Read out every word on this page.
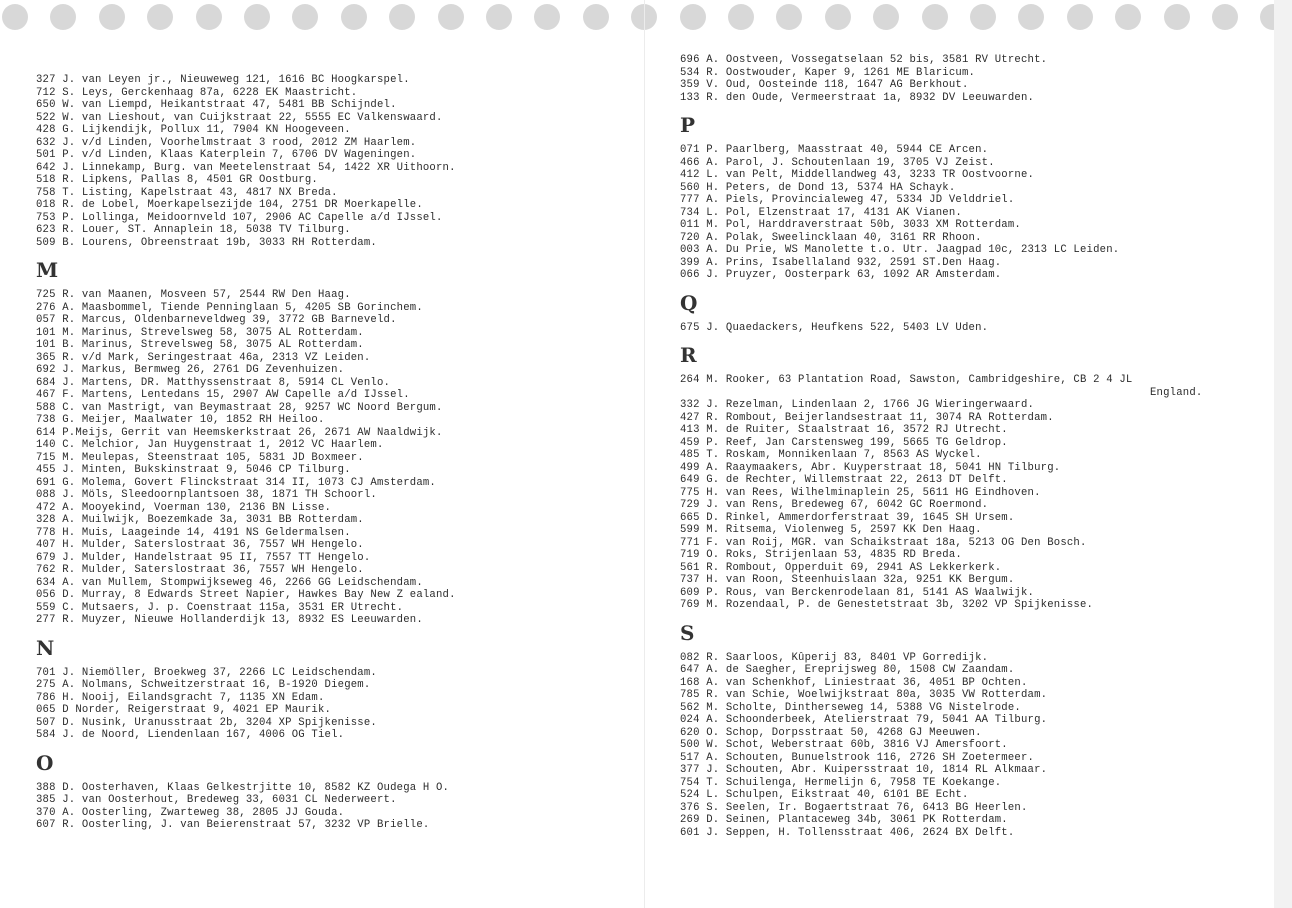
327 J. van Leyen jr., Nieuweweg 121, 1616 BC Hoogkarspel.
712 S. Leys, Gerckenhaag 87a, 6228 EK Maastricht.
650 W. van Liempd, Heikantstraat 47, 5481 BB Schijndel.
522 W. van Lieshout, van Cuijkstraat 22, 5555 EC Valkenswaard.
428 G. Lijkendijk, Pollux 11, 7904 KN Hoogeveen.
632 J. v/d Linden, Voorhelmstraat 3 rood, 2012 ZM Haarlem.
501 P. v/d Linden, Klaas Katerplein 7, 6706 DV Wageningen.
642 J. Linnekamp, Burg. van Meetelenstraat 54, 1422 XR Uithoorn.
518 R. Lipkens, Pallas 8, 4501 GR Oostburg.
758 T. Listing, Kapelstraat 43, 4817 NX Breda.
018 R. de Lobel, Moerkapelsezijde 104, 2751 DR Moerkapelle.
753 P. Lollinga, Meidoornveld 107, 2906 AC Capelle a/d IJssel.
623 R. Louer, ST. Annaplein 18, 5038 TV Tilburg.
509 B. Lourens, Obreenstraat 19b, 3033 RH Rotterdam.
M
725 R. van Maanen, Mosveen 57, 2544 RW Den Haag.
276 A. Maasbommel, Tiende Penninglaan 5, 4205 SB Gorinchem.
057 R. Marcus, Oldenbarneveldweg 39, 3772 GB Barneveld.
101 M. Marinus, Strevelsweg 58, 3075 AL Rotterdam.
101 B. Marinus, Strevelsweg 58, 3075 AL Rotterdam.
365 R. v/d Mark, Seringestraat 46a, 2313 VZ Leiden.
692 J. Markus, Bermweg 26, 2761 DG Zevenhuizen.
684 J. Martens, DR. Matthyssenstraat 8, 5914 CL Venlo.
467 F. Martens, Lentedans 15, 2907 AW Capelle a/d IJssel.
588 C. van Mastrigt, van Beymastraat 28, 9257 WC Noord Bergum.
738 G. Meijer, Maalwater 10, 1852 RH Heiloo.
614 P.Meijs, Gerrit van Heemskerkstraat 26, 2671 AW Naaldwijk.
140 C. Melchior, Jan Huygenstraat 1, 2012 VC Haarlem.
715 M. Meulepas, Steenstraat 105, 5831 JD Boxmeer.
455 J. Minten, Bukskinstraat 9, 5046 CP Tilburg.
691 G. Molema, Govert Flinckstraat 314 II, 1073 CJ Amsterdam.
088 J. Möls, Sleedoornplantsoen 38, 1871 TH Schoorl.
472 A. Mooyekind, Voerman 130, 2136 BN Lisse.
328 A. Muilwijk, Boezemkade 3a, 3031 BB Rotterdam.
778 H. Muis, Laageinde 14, 4191 NS Geldermalsen.
407 H. Mulder, Saterslostraat 36, 7557 WH Hengelo.
679 J. Mulder, Handelstraat 95 II, 7557 TT Hengelo.
762 R. Mulder, Saterslostraat 36, 7557 WH Hengelo.
634 A. van Mullem, Stompwijkseweg 46, 2266 GG Leidschendam.
056 D. Murray, 8 Edwards Street Napier, Hawkes Bay New Z ealand.
559 C. Mutsaers, J. p. Coenstraat 115a, 3531 ER Utrecht.
277 R. Muyzer, Nieuwe Hollanderdijk 13, 8932 ES Leeuwarden.
N
701 J. Niemöller, Broekweg 37, 2266 LC Leidschendam.
275 A. Nolmans, Schweitzerstraat 16, B-1920 Diegem.
786 H. Nooij, Eilandsgracht 7, 1135 XN Edam.
065 D Norder, Reigerstraat 9, 4021 EP Maurik.
507 D. Nusink, Uranusstraat 2b, 3204 XP Spijkenisse.
584 J. de Noord, Liendenlaan 167, 4006 OG Tiel.
O
388 D. Oosterhaven, Klaas Gelkestrjitte 10, 8582 KZ Oudega H O.
385 J. van Oosterhout, Bredeweg 33, 6031 CL Nederweert.
370 A. Oosterling, Zwarteweg 38, 2805 JJ Gouda.
607 R. Oosterling, J. van Beierenstraat 57, 3232 VP Brielle.
696 A. Oostveen, Vossegatselaan 52 bis, 3581 RV Utrecht.
534 R. Oostwouder, Kaper 9, 1261 ME Blaricum.
359 V. Oud, Oosteinde 118, 1647 AG Berkhout.
133 R. den Oude, Vermeerstraat 1a, 8932 DV Leeuwarden.
P
071 P. Paarlberg, Maasstraat 40, 5944 CE Arcen.
466 A. Parol, J. Schoutenlaan 19, 3705 VJ Zeist.
412 L. van Pelt, Middellandweg 43, 3233 TR Oostvoorne.
560 H. Peters, de Dond 13, 5374 HA Schayk.
777 A. Piels, Provincialeweg 47, 5334 JD Velddriel.
734 L. Pol, Elzenstraat 17, 4131 AK Vianen.
011 M. Pol, Harddraverstraat 50b, 3033 XM Rotterdam.
720 A. Polak, Sweelincklaan 40, 3161 RR Rhoon.
003 A. Du Prie, WS Manolette t.o. Utr. Jaagpad 10c, 2313 LC Leiden.
399 A. Prins, Isabellaland 932, 2591 ST.Den Haag.
066 J. Pruyzer, Oosterpark 63, 1092 AR Amsterdam.
Q
675 J. Quaedackers, Heufkens 522, 5403 LV Uden.
R
264 M. Rooker, 63 Plantation Road, Sawston, Cambridgeshire, CB 2 4 JL
England.
332 J. Rezelman, Lindenlaan 2, 1766 JG Wieringerwaard.
427 R. Rombout, Beijerlandsestraat 11, 3074 RA Rotterdam.
413 M. de Ruiter, Staalstraat 16, 3572 RJ Utrecht.
459 P. Reef, Jan Carstensweg 199, 5665 TG Geldrop.
485 T. Roskam, Monnikenlaan 7, 8563 AS Wyckel.
499 A. Raaymaakers, Abr. Kuyperstraat 18, 5041 HN Tilburg.
649 G. de Rechter, Willemstraat 22, 2613 DT Delft.
775 H. van Rees, Wilhelminaplein 25, 5611 HG Eindhoven.
729 J. van Rens, Bredeweg 67, 6042 GC Roermond.
665 D. Rinkel, Ammerdorferstraat 39, 1645 SH Ursem.
599 M. Ritsema, Violenweg 5, 2597 KK Den Haag.
771 F. van Roij, MGR. van Schaikstraat 18a, 5213 OG Den Bosch.
719 O. Roks, Strijenlaan 53, 4835 RD Breda.
561 R. Rombout, Opperduit 69, 2941 AS Lekkerkerk.
737 H. van Roon, Steenhuislaan 32a, 9251 KK Bergum.
609 P. Rous, van Berckenrodelaan 81, 5141 AS Waalwijk.
769 M. Rozendaal, P. de Genestetstraat 3b, 3202 VP Spijkenisse.
S
082 R. Saarloos, Kûperij 83, 8401 VP Gorredijk.
647 A. de Saegher, Ereprijsweg 80, 1508 CW Zaandam.
168 A. van Schenkhof, Liniestraat 36, 4051 BP Ochten.
785 R. van Schie, Woelwijkstraat 80a, 3035 VW Rotterdam.
562 M. Scholte, Dintherseweg 14, 5388 VG Nistelrode.
024 A. Schoonderbeek, Atelierstraat 79, 5041 AA Tilburg.
620 O. Schop, Dorpsstraat 50, 4268 GJ Meeuwen.
500 W. Schot, Weberstraat 60b, 3816 VJ Amersfoort.
517 A. Schouten, Bunuelstrook 116, 2726 SH Zoetermeer.
377 J. Schouten, Abr. Kuipersstraat 10, 1814 RL Alkmaar.
754 T. Schuilenga, Hermelijn 6, 7958 TE Koekange.
524 L. Schulpen, Eikstraat 40, 6101 BE Echt.
376 S. Seelen, Ir. Bogaertstraat 76, 6413 BG Heerlen.
269 D. Seinen, Plantaceweg 34b, 3061 PK Rotterdam.
601 J. Seppen, H. Tollensstraat 406, 2624 BX Delft.
